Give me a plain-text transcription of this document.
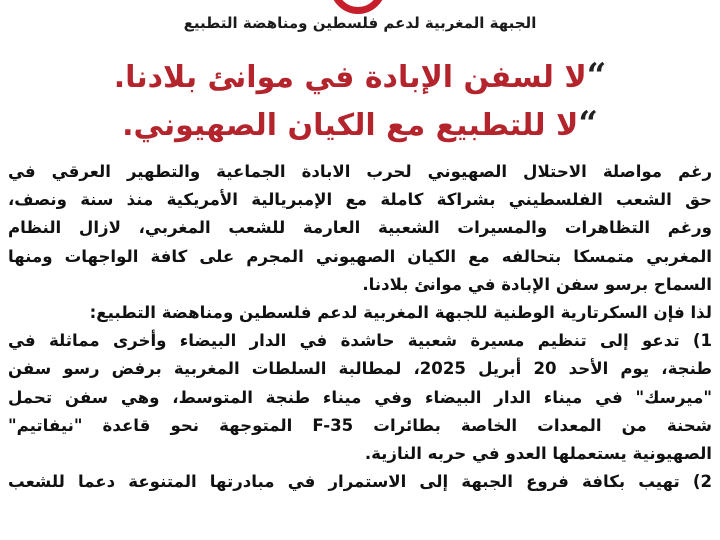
الجبهة المغربية لدعم فلسطين ومناهضة التطبيع
“لا لسفن الإبادة في موانئ بلادنا.
“لا للتطبيع مع الكيان الصهيوني.
رغم مواصلة الاحتلال الصهيوني لحرب الابادة الجماعية والتطهير العرقي في
حق الشعب الفلسطيني بشراكة كاملة مع الإمبريالية الأمريكية منذ سنة ونصف،
ورغم التظاهرات والمسيرات الشعبية العارمة للشعب المغربي، لازال النظام
المغربي متمسكا بتحالفه مع الكيان الصهيوني المجرم على كافة الواجهات ومنها
السماح برسو سفن الإبادة في موانئ بلادنا.
لذا فإن السكرتارية الوطنية للجبهة المغربية لدعم فلسطين ومناهضة التطبيع:
1) تدعو إلى تنظيم مسيرة شعبية حاشدة في الدار البيضاء وأخرى مماثلة في
طنجة، يوم الأحد 20 أبريل 2025، لمطالبة السلطات المغربية برفض رسو سفن
"ميرسك" في ميناء الدار البيضاء وفي ميناء طنجة المتوسط، وهي سفن تحمل
شحنة من المعدات الخاصة بطائرات F-35 المتوجهة نحو قاعدة "نيفاتيم"
الصهيونية يستعملها العدو في حربه النازية.
2) تهيب بكافة فروع الجبهة إلى الاستمرار في مبادرتها المتنوعة دعما للشعب
